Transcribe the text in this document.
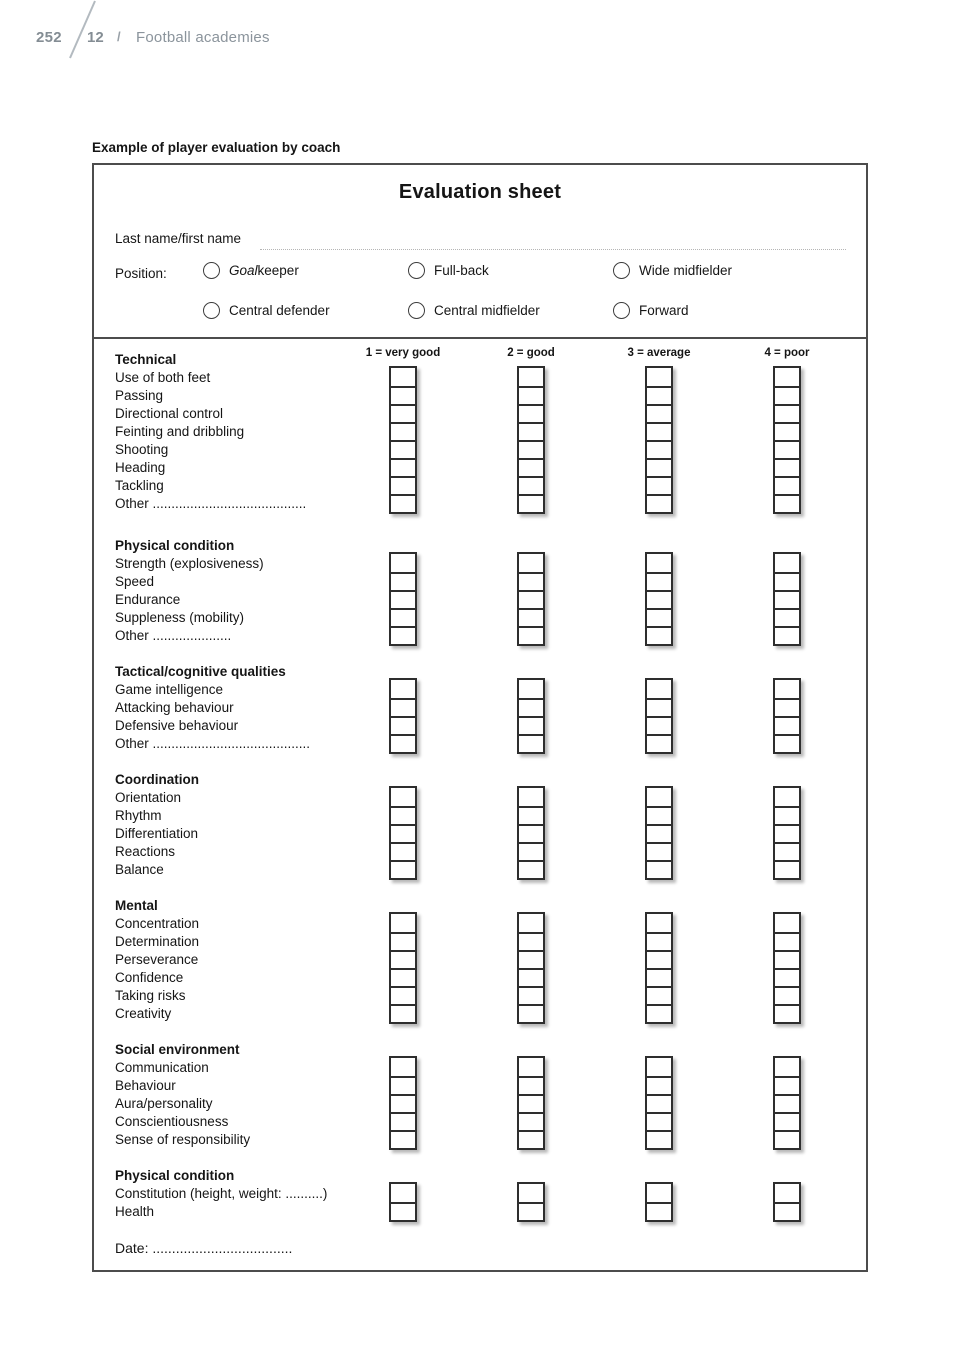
252 12 / Football academies
Example of player evaluation by coach
Evaluation sheet
Last name/first name
Position:	Goalkeeper	Full-back	Wide midfielder
Central defender	Central midfielder	Forward
1 = very good	2 = good	3 = average	4 = poor
Technical
Use of both feet
Passing
Directional control
Feinting and dribbling
Shooting
Heading
Tackling
Other .........................................
Physical condition
Strength (explosiveness)
Speed
Endurance
Suppleness (mobility)
Other .....................
Tactical/cognitive qualities
Game intelligence
Attacking behaviour
Defensive behaviour
Other ..........................................
Coordination
Orientation
Rhythm
Differentiation
Reactions
Balance
Mental
Concentration
Determination
Perseverance
Confidence
Taking risks
Creativity
Social environment
Communication
Behaviour
Aura/personality
Conscientiousness
Sense of responsibility
Physical condition
Constitution (height, weight: ..........)
Health
Date: ....................................
